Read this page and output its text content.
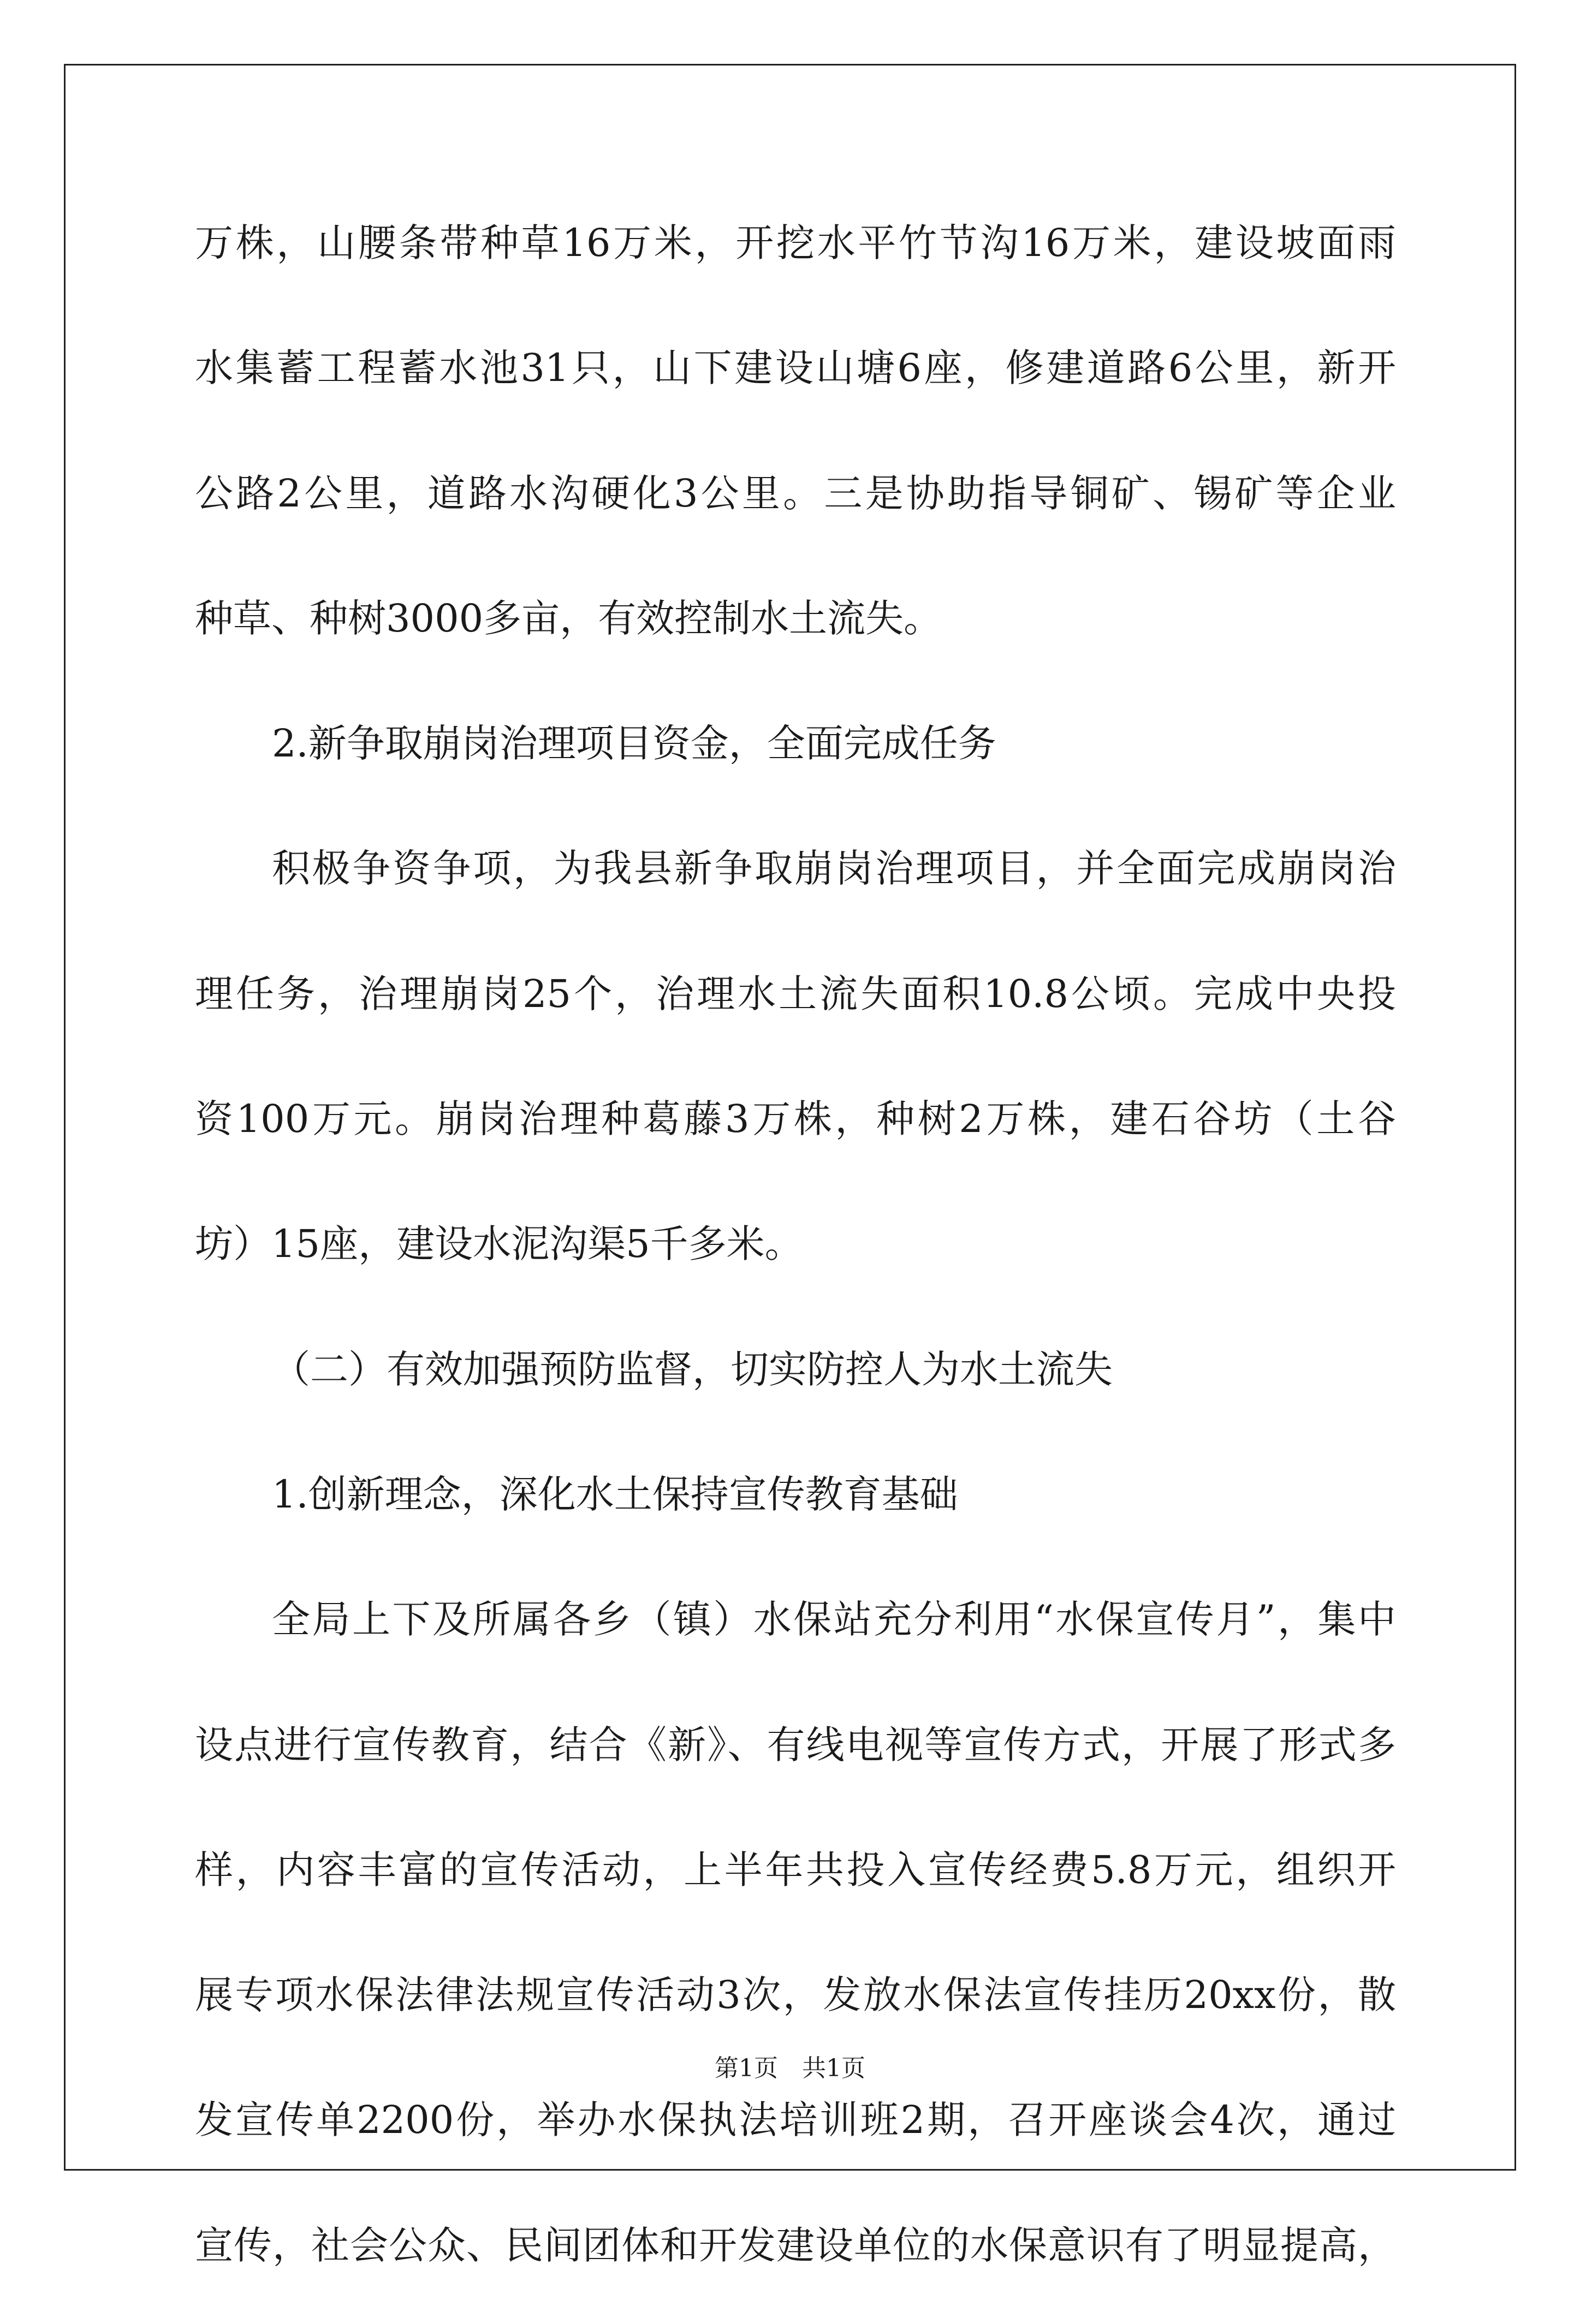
万株，山腰条带种草16万米，开挖水平竹节沟16万米，建设坡面雨
水集蓄工程蓄水池31只，山下建设山塘6座，修建道路6公里，新开
公路2公里，道路水沟硬化3公里。三是协助指导铜矿、锡矿等企业
种草、种树3000多亩，有效控制水土流失。
2.新争取崩岗治理项目资金，全面完成任务
积极争资争项，为我县新争取崩岗治理项目，并全面完成崩岗治
理任务，治理崩岗25个，治理水土流失面积10.8公顷。完成中央投
资100万元。崩岗治理种葛藤3万株，种树2万株，建石谷坊（土谷
坊）15座，建设水泥沟渠5千多米。
（二）有效加强预防监督，切实防控人为水土流失
1.创新理念，深化水土保持宣传教育基础
全局上下及所属各乡（镇）水保站充分利用“水保宣传月”，集中
设点进行宣传教育，结合《新》、有线电视等宣传方式，开展了形式多
样，内容丰富的宣传活动，上半年共投入宣传经费5.8万元，组织开
展专项水保法律法规宣传活动3次，发放水保法宣传挂历20xx份，散
发宣传单2200份，举办水保执法培训班2期，召开座谈会4次，通过
宣传，社会公众、民间团体和开发建设单位的水保意识有了明显提高，
第1页　共1页
